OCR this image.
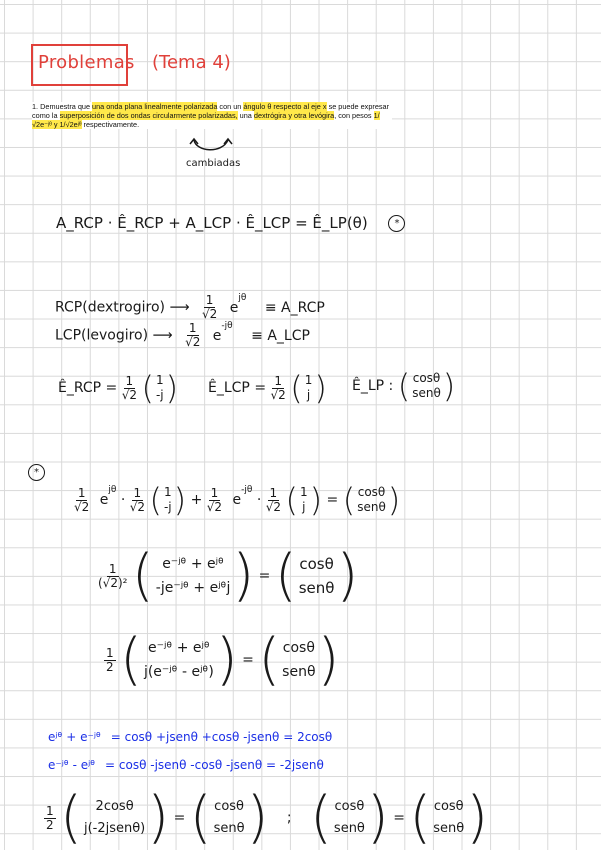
Problemas (Tema 4)
1. Demuestra que una onda plana linealmente polarizada con un ángulo θ respecto al eje x se puede expresar como la superposición de dos ondas circularmente polarizadas, una dextrógira y otra levógira, con pesos 1/√2e⁻ʲᶿ y 1/√2eʲᶿ respectivamente.
cambiadas
A_RCP · Ê_RCP + A_LCP · Ê_LCP = Ê_LP(θ)	*
RCP(dextrogiro) ⟶ $\frac{1}{√2} e^{j\theta}$ ≡ A_RCP
LCP(levogiro) ⟶ $\frac{1}{√2} e^{-j\theta}$ ≡ A_LCP
Ê_RCP = $\frac{1}{√2}$
( 1
-j ) Ê_LCP = $\frac{1}{√2}$
( 1
j ) Ê_LP : ( cosθ
senθ )
*
$\frac{1}{√2} e^{j\theta} \cdot \frac{1}{√2}$
( 1
-j ) + $\frac{1}{√2} e^{-j\theta} \cdot \frac{1}{√2}$
( 1
j ) = ( cosθ
senθ )
$\frac{1}{\text{(√2)²}}$
( e⁻ʲᶿ + eʲᶿ
-je⁻ʲᶿ + eʲᶿj ) = ( cosθ
senθ )
$\frac{1}{2}$
( e⁻ʲᶿ + eʲᶿ
j(e⁻ʲᶿ - eʲᶿ) ) = ( cosθ
senθ )
eʲᶿ + e⁻ʲᶿ = cosθ +jsenθ +cosθ -jsenθ = 2cosθ
e⁻ʲᶿ - eʲᶿ = cosθ -jsenθ -cosθ -jsenθ = -2jsenθ
$\frac{1}{2}$
( 2cosθ
j(-2jsenθ) ) = ( cosθ
senθ ) ; ( cosθ
senθ ) = ( cosθ
senθ )
